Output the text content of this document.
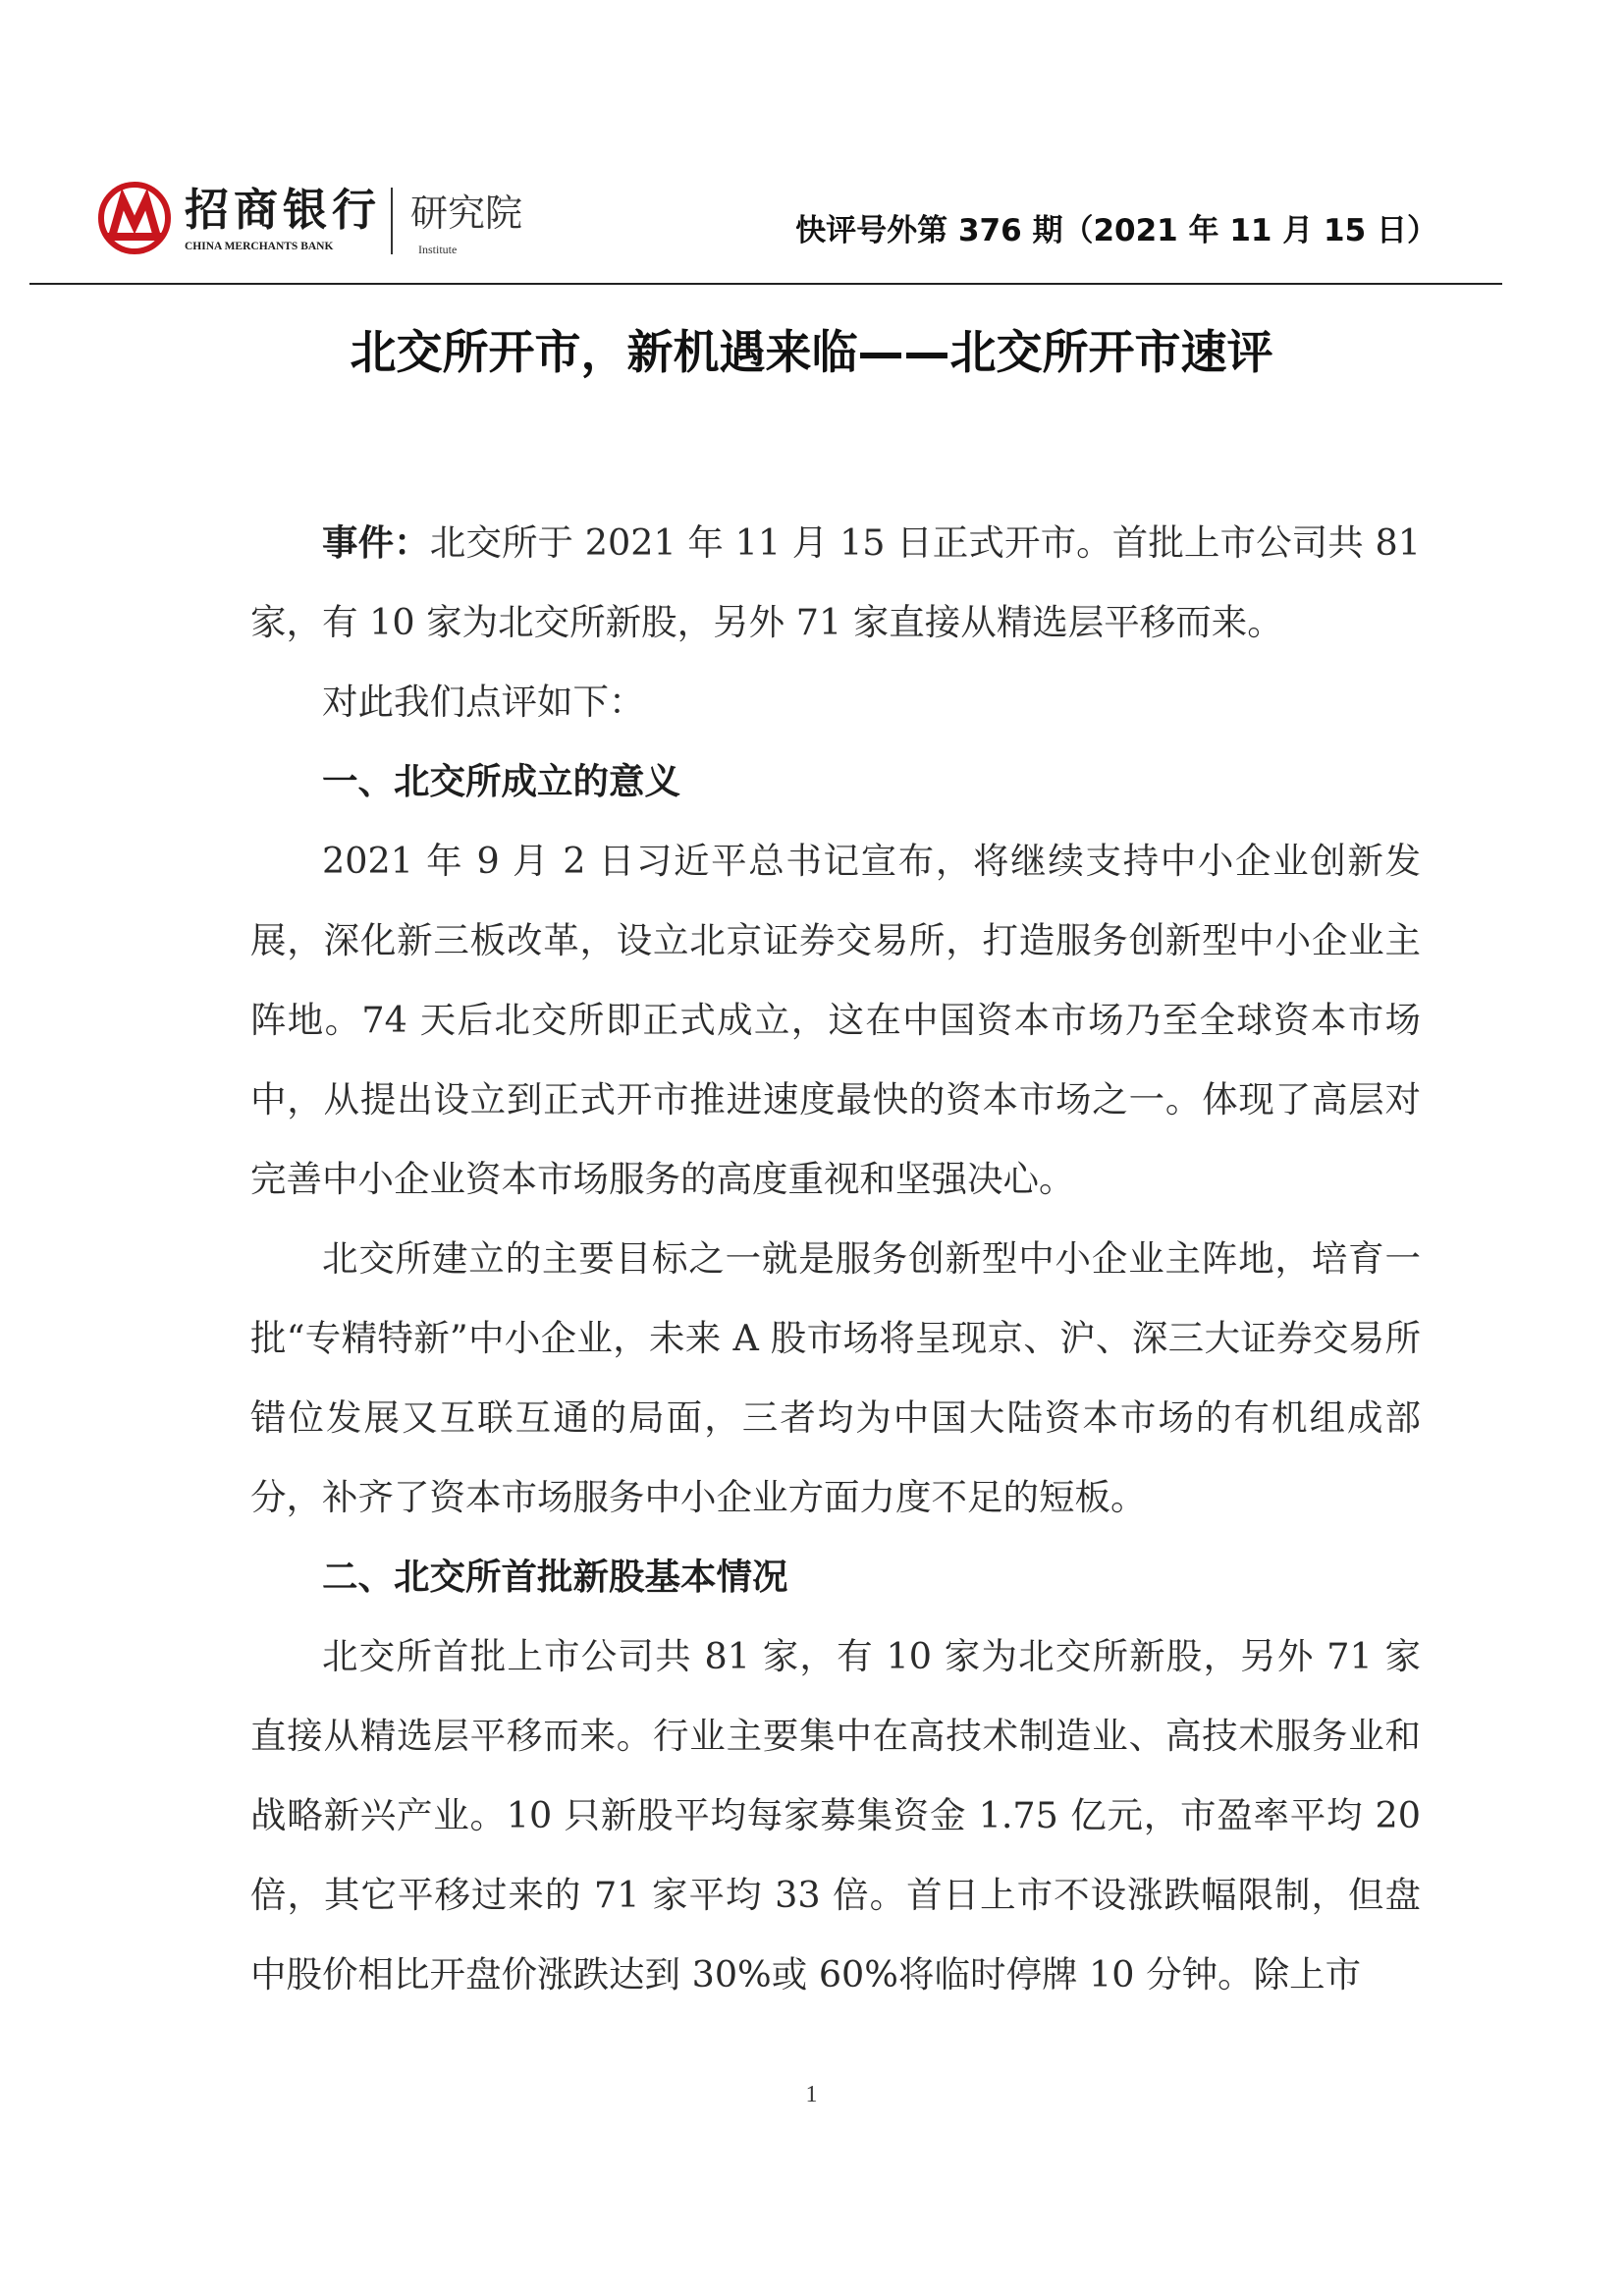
招商银行
CHINA MERCHANTS BANK
研究院
Institute
快评号外第 376 期（2021 年 11 月 15 日）
北交所开市，新机遇来临——北交所开市速评

事件：北交所于 2021 年 11 月 15 日正式开市。首批上市公司共 81 家，有 10 家为北交所新股，另外 71 家直接从精选层平移而来。

对此我们点评如下：

一、北交所成立的意义

2021 年 9 月 2 日习近平总书记宣布，将继续支持中小企业创新发展，深化新三板改革，设立北京证券交易所，打造服务创新型中小企业主阵地。74 天后北交所即正式成立，这在中国资本市场乃至全球资本市场中，从提出设立到正式开市推进速度最快的资本市场之一。体现了高层对完善中小企业资本市场服务的高度重视和坚强决心。

北交所建立的主要目标之一就是服务创新型中小企业主阵地，培育一批“专精特新”中小企业，未来 A 股市场将呈现京、沪、深三大证券交易所错位发展又互联互通的局面，三者均为中国大陆资本市场的有机组成部分，补齐了资本市场服务中小企业方面力度不足的短板。

二、北交所首批新股基本情况

北交所首批上市公司共 81 家，有 10 家为北交所新股，另外 71 家直接从精选层平移而来。行业主要集中在高技术制造业、高技术服务业和战略新兴产业。10 只新股平均每家募集资金 1.75 亿元，市盈率平均 20 倍，其它平移过来的 71 家平均 33 倍。首日上市不设涨跌幅限制，但盘中股价相比开盘价涨跌达到 30%或 60%将临时停牌 10 分钟。除上市

1
